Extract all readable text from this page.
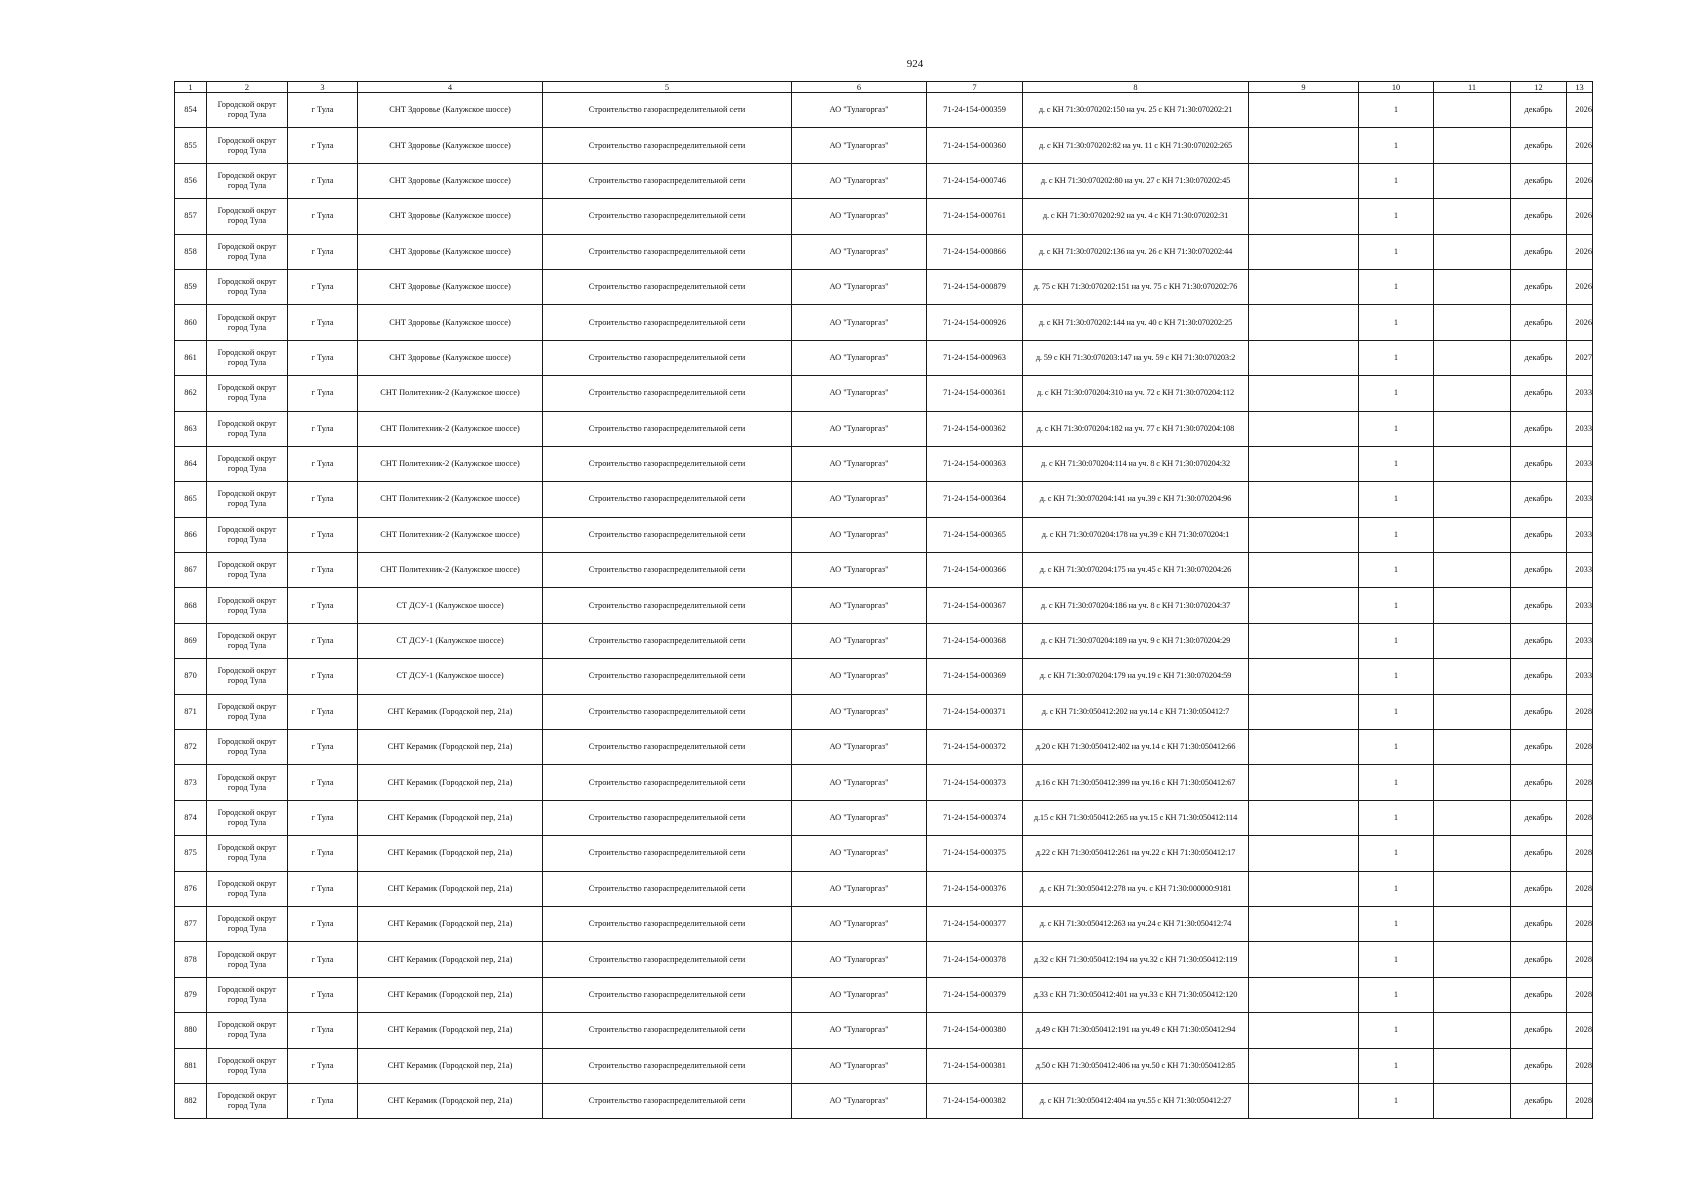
924
1	2	3	4	5	6	7	8	9	10	11	12	13
854	Городской округ город Тула	г Тула	СНТ Здоровье (Калужское шоссе)	Строительство газораспределительной сети	АО "Тулагоргаз"	71-24-154-000359	д. с КН 71:30:070202:150 на уч. 25 с КН 71:30:070202:21		1		декабрь	2026
855	Городской округ город Тула	г Тула	СНТ Здоровье (Калужское шоссе)	Строительство газораспределительной сети	АО "Тулагоргаз"	71-24-154-000360	д. с КН 71:30:070202:82 на уч. 11 с КН 71:30:070202:265		1		декабрь	2026
856	Городской округ город Тула	г Тула	СНТ Здоровье (Калужское шоссе)	Строительство газораспределительной сети	АО "Тулагоргаз"	71-24-154-000746	д. с КН 71:30:070202:80 на уч. 27 с КН 71:30:070202:45		1		декабрь	2026
857	Городской округ город Тула	г Тула	СНТ Здоровье (Калужское шоссе)	Строительство газораспределительной сети	АО "Тулагоргаз"	71-24-154-000761	д. с КН 71:30:070202:92 на уч. 4 с КН 71:30:070202:31		1		декабрь	2026
858	Городской округ город Тула	г Тула	СНТ Здоровье (Калужское шоссе)	Строительство газораспределительной сети	АО "Тулагоргаз"	71-24-154-000866	д. с КН 71:30:070202:136 на уч. 26 с КН 71:30:070202:44		1		декабрь	2026
859	Городской округ город Тула	г Тула	СНТ Здоровье (Калужское шоссе)	Строительство газораспределительной сети	АО "Тулагоргаз"	71-24-154-000879	д. 75 с КН 71:30:070202:151 на уч. 75 с КН 71:30:070202:76		1		декабрь	2026
860	Городской округ город Тула	г Тула	СНТ Здоровье (Калужское шоссе)	Строительство газораспределительной сети	АО "Тулагоргаз"	71-24-154-000926	д. с КН 71:30:070202:144 на уч. 40 с КН 71:30:070202:25		1		декабрь	2026
861	Городской округ город Тула	г Тула	СНТ Здоровье (Калужское шоссе)	Строительство газораспределительной сети	АО "Тулагоргаз"	71-24-154-000963	д. 59 с КН 71:30:070203:147 на уч. 59 с КН 71:30:070203:2		1		декабрь	2027
862	Городской округ город Тула	г Тула	СНТ Политехник-2 (Калужское шоссе)	Строительство газораспределительной сети	АО "Тулагоргаз"	71-24-154-000361	д. с КН 71:30:070204:310 на уч. 72 с КН 71:30:070204:112		1		декабрь	2033
863	Городской округ город Тула	г Тула	СНТ Политехник-2 (Калужское шоссе)	Строительство газораспределительной сети	АО "Тулагоргаз"	71-24-154-000362	д. с КН 71:30:070204:182 на уч. 77 с КН 71:30:070204:108		1		декабрь	2033
864	Городской округ город Тула	г Тула	СНТ Политехник-2 (Калужское шоссе)	Строительство газораспределительной сети	АО "Тулагоргаз"	71-24-154-000363	д. с КН 71:30:070204:114 на уч. 8 с КН 71:30:070204:32		1		декабрь	2033
865	Городской округ город Тула	г Тула	СНТ Политехник-2 (Калужское шоссе)	Строительство газораспределительной сети	АО "Тулагоргаз"	71-24-154-000364	д. с КН 71:30:070204:141 на уч.39 с КН 71:30:070204:96		1		декабрь	2033
866	Городской округ город Тула	г Тула	СНТ Политехник-2 (Калужское шоссе)	Строительство газораспределительной сети	АО "Тулагоргаз"	71-24-154-000365	д. с КН 71:30:070204:178 на уч.39 с КН 71:30:070204:1		1		декабрь	2033
867	Городской округ город Тула	г Тула	СНТ Политехник-2 (Калужское шоссе)	Строительство газораспределительной сети	АО "Тулагоргаз"	71-24-154-000366	д. с КН 71:30:070204:175 на уч.45 с КН 71:30:070204:26		1		декабрь	2033
868	Городской округ город Тула	г Тула	СТ ДСУ-1 (Калужское шоссе)	Строительство газораспределительной сети	АО "Тулагоргаз"	71-24-154-000367	д. с КН 71:30:070204:186 на уч. 8 с КН 71:30:070204:37		1		декабрь	2033
869	Городской округ город Тула	г Тула	СТ ДСУ-1 (Калужское шоссе)	Строительство газораспределительной сети	АО "Тулагоргаз"	71-24-154-000368	д. с КН 71:30:070204:189 на уч. 9 с КН 71:30:070204:29		1		декабрь	2033
870	Городской округ город Тула	г Тула	СТ ДСУ-1 (Калужское шоссе)	Строительство газораспределительной сети	АО "Тулагоргаз"	71-24-154-000369	д. с КН 71:30:070204:179 на уч.19 с КН 71:30:070204:59		1		декабрь	2033
871	Городской округ город Тула	г Тула	СНТ Керамик (Городской пер, 21а)	Строительство газораспределительной сети	АО "Тулагоргаз"	71-24-154-000371	д. с КН 71:30:050412:202 на уч.14 с КН 71:30:050412:7		1		декабрь	2028
872	Городской округ город Тула	г Тула	СНТ Керамик (Городской пер, 21а)	Строительство газораспределительной сети	АО "Тулагоргаз"	71-24-154-000372	д.20 с КН 71:30:050412:402 на уч.14 с КН 71:30:050412:66		1		декабрь	2028
873	Городской округ город Тула	г Тула	СНТ Керамик (Городской пер, 21а)	Строительство газораспределительной сети	АО "Тулагоргаз"	71-24-154-000373	д.16 с КН 71:30:050412:399 на уч.16 с КН 71:30:050412:67		1		декабрь	2028
874	Городской округ город Тула	г Тула	СНТ Керамик (Городской пер, 21а)	Строительство газораспределительной сети	АО "Тулагоргаз"	71-24-154-000374	д.15 с КН 71:30:050412:265 на уч.15 с КН 71:30:050412:114		1		декабрь	2028
875	Городской округ город Тула	г Тула	СНТ Керамик (Городской пер, 21а)	Строительство газораспределительной сети	АО "Тулагоргаз"	71-24-154-000375	д.22 с КН 71:30:050412:261 на уч.22 с КН 71:30:050412:17		1		декабрь	2028
876	Городской округ город Тула	г Тула	СНТ Керамик (Городской пер, 21а)	Строительство газораспределительной сети	АО "Тулагоргаз"	71-24-154-000376	д. с КН 71:30:050412:278 на уч. с КН 71:30:000000:9181		1		декабрь	2028
877	Городской округ город Тула	г Тула	СНТ Керамик (Городской пер, 21а)	Строительство газораспределительной сети	АО "Тулагоргаз"	71-24-154-000377	д. с КН 71:30:050412:263 на уч.24 с КН 71:30:050412:74		1		декабрь	2028
878	Городской округ город Тула	г Тула	СНТ Керамик (Городской пер, 21а)	Строительство газораспределительной сети	АО "Тулагоргаз"	71-24-154-000378	д.32 с КН 71:30:050412:194 на уч.32 с КН 71:30:050412:119		1		декабрь	2028
879	Городской округ город Тула	г Тула	СНТ Керамик (Городской пер, 21а)	Строительство газораспределительной сети	АО "Тулагоргаз"	71-24-154-000379	д.33 с КН 71:30:050412:401 на уч.33 с КН 71:30:050412:120		1		декабрь	2028
880	Городской округ город Тула	г Тула	СНТ Керамик (Городской пер, 21а)	Строительство газораспределительной сети	АО "Тулагоргаз"	71-24-154-000380	д.49 с КН 71:30:050412:191 на уч.49 с КН 71:30:050412:94		1		декабрь	2028
881	Городской округ город Тула	г Тула	СНТ Керамик (Городской пер, 21а)	Строительство газораспределительной сети	АО "Тулагоргаз"	71-24-154-000381	д.50 с КН 71:30:050412:406 на уч.50 с КН 71:30:050412:85		1		декабрь	2028
882	Городской округ город Тула	г Тула	СНТ Керамик (Городской пер, 21а)	Строительство газораспределительной сети	АО "Тулагоргаз"	71-24-154-000382	д. с КН 71:30:050412:404 на уч.55 с КН 71:30:050412:27		1		декабрь	2028
